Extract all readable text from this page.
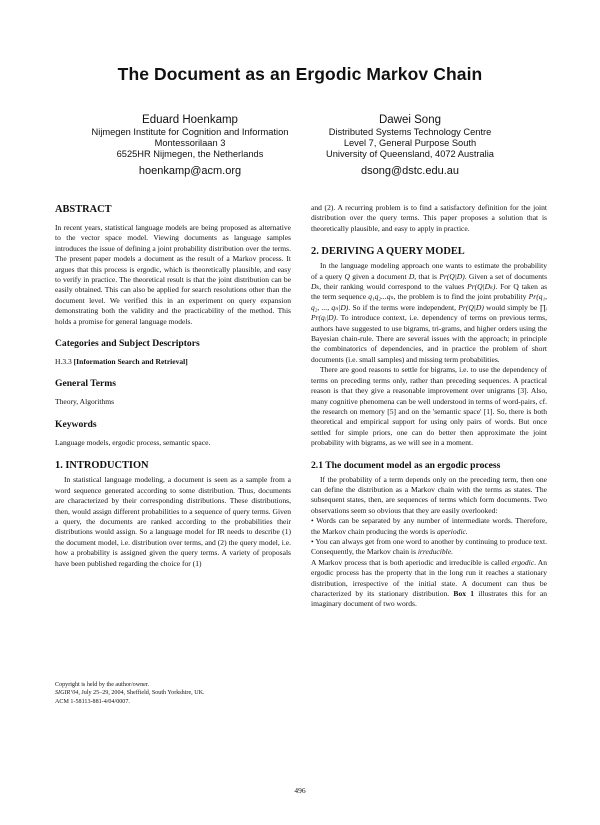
The Document as an Ergodic Markov Chain
Eduard Hoenkamp
Nijmegen Institute for Cognition and Information
Montessorilaan 3
6525HR Nijmegen, the Netherlands
hoenkamp@acm.org
Dawei Song
Distributed Systems Technology Centre
Level 7, General Purpose South
University of Queensland, 4072 Australia
dsong@dstc.edu.au
ABSTRACT

In recent years, statistical language models are being proposed as alternative to the vector space model. Viewing documents as language samples introduces the issue of defining a joint probability distribution over the terms. The present paper models a document as the result of a Markov process. It argues that this process is ergodic, which is theoretically plausible, and easy to verify in practice. The theoretical result is that the joint distribution can be easily obtained. This can also be applied for search resolutions other than the document level. We verified this in an experiment on query expansion demonstrating both the validity and the practicability of the method. This holds a promise for general language models.

Categories and Subject Descriptors

H.3.3 [Information Search and Retrieval]

General Terms

Theory, Algorithms

Keywords

Language models, ergodic process, semantic space.

1. INTRODUCTION

In statistical language modeling, a document is seen as a sample from a word sequence generated according to some distribution. Thus, documents are characterized by their corresponding distributions. These distributions, then, would assign different probabilities to a sequence of query terms. Given a query, the documents are ranked according to the probabilities their distributions would assign. So a language model for IR needs to describe (1) the document model, i.e. distribution over terms, and (2) the query model, i.e. how a probability is assigned given the query terms. A variety of proposals have been published regarding the choice for (1)

Copyright is held by the author/owner.
SIGIR’04, July 25–29, 2004, Sheffield, South Yorkshire, UK.
ACM 1-58113-881-4/04/0007.

and (2). A recurring problem is to find a satisfactory definition for the joint distribution over the query terms. This paper proposes a solution that is theoretically plausible, and easy to apply in practice.

2. DERIVING A QUERY MODEL

In the language modeling approach one wants to estimate the probability of a query Q given a document D, that is Pr(Q|D). Given a set of documents Dₖ, their ranking would correspond to the values Pr(Q|Dₖ). For Q taken as the term sequence q₁q₂...qₙ, the problem is to find the joint probability Pr(q₁, q₂, ..., qₙ|D). So if the terms were independent, Pr(Q|D) would simply be ∏ᵢ Pr(qᵢ|D). To introduce context, i.e. dependency of terms on previous terms, authors have suggested to use bigrams, tri-grams, and higher orders using the Bayesian chain-rule. There are several issues with the approach; in principle the combinatorics of dependencies, and in practice the problem of short documents (i.e. small samples) and missing term probabilities.

There are good reasons to settle for bigrams, i.e. to use the dependency of terms on preceding terms only, rather than preceding sequences. A practical reason is that they give a reasonable improvement over unigrams [3]. Also, many cognitive phenomena can be well understood in terms of word-pairs, cf. the research on memory [5] and on the 'semantic space' [1]. So, there is both theoretical and empirical support for using only pairs of words. But once settled for simple priors, one can do better then approximate the joint probability with bigrams, as we will see in a moment.

2.1 The document model as an ergodic process

If the probability of a term depends only on the preceding term, then one can define the distribution as a Markov chain with the terms as states. The subsequent states, then, are sequences of terms which form documents. Two observations seem so obvious that they are easily overlooked:

• Words can be separated by any number of intermediate words. Therefore, the Markov chain producing the words is aperiodic.

• You can always get from one word to another by continuing to produce text. Consequently, the Markov chain is irreducible.

A Markov process that is both aperiodic and irreducible is called ergodic. An ergodic process has the property that in the long run it reaches a stationary distribution, irrespective of the initial state. A document can thus be characterized by its stationary distribution. Box 1 illustrates this for an imaginary document of two words.

496
